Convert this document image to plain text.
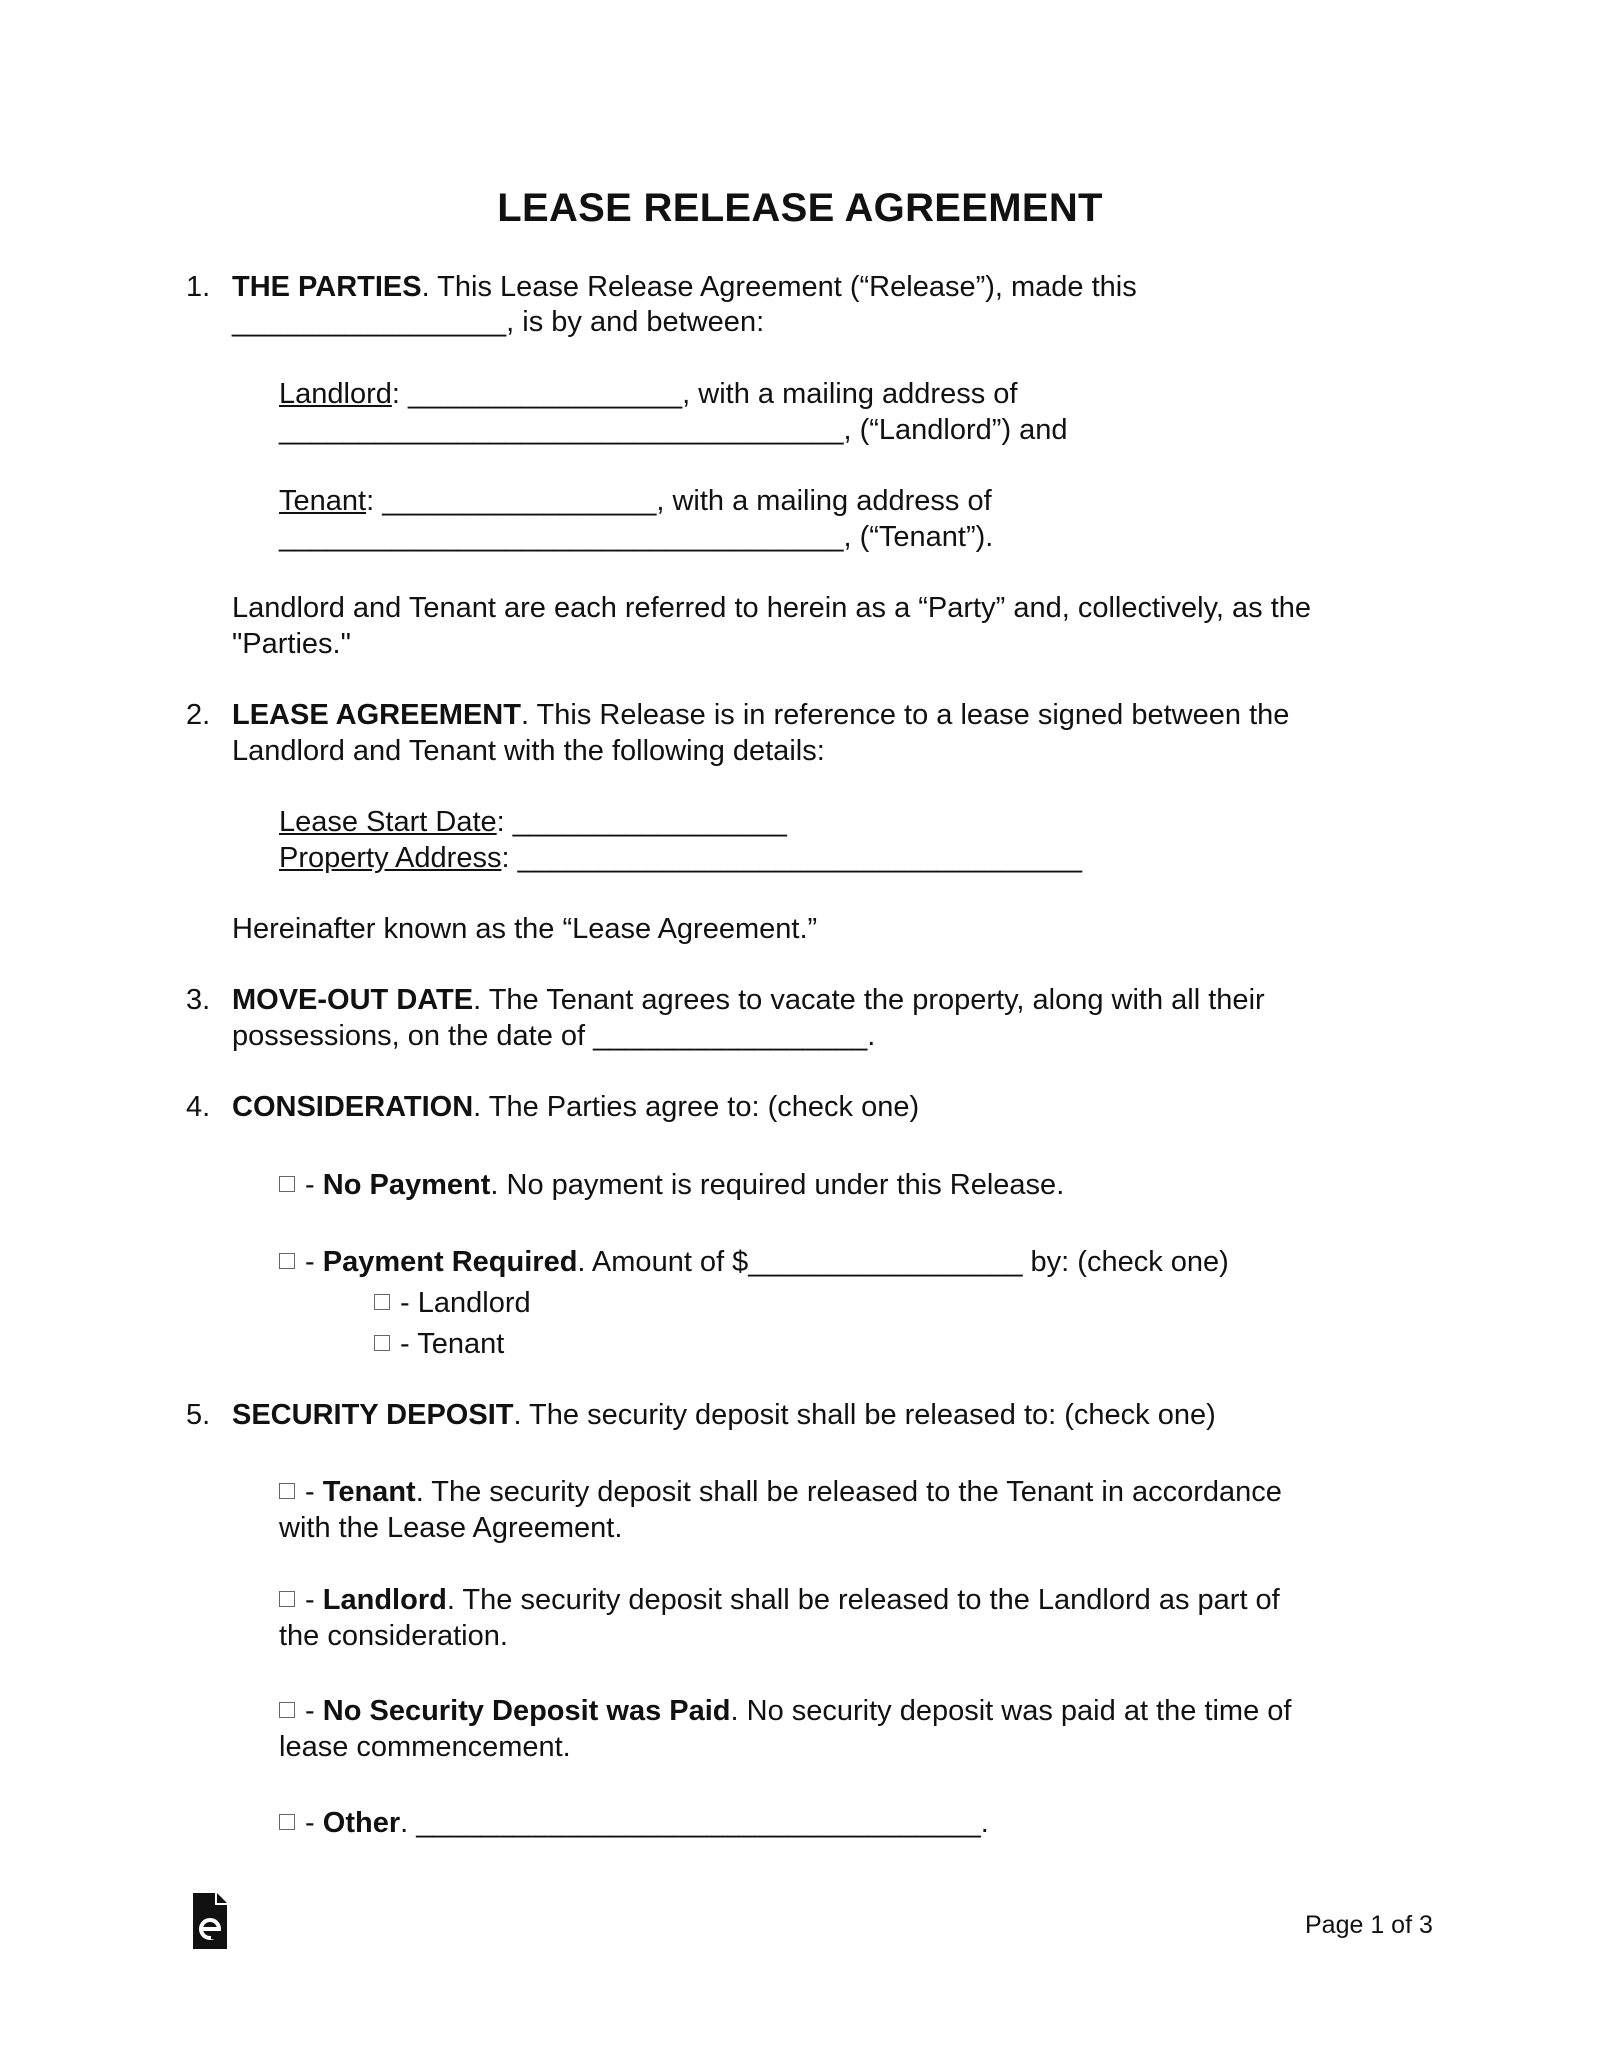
LEASE RELEASE AGREEMENT
1. THE PARTIES. This Lease Release Agreement (“Release”), made this
_________________, is by and between:
Landlord: _________________, with a mailing address of
___________________________________, (“Landlord”) and
Tenant: _________________, with a mailing address of
___________________________________, (“Tenant”).
Landlord and Tenant are each referred to herein as a “Party” and, collectively, as the
"Parties."
2. LEASE AGREEMENT. This Release is in reference to a lease signed between the
Landlord and Tenant with the following details:
Lease Start Date: _________________
Property Address: ___________________________________
Hereinafter known as the “Lease Agreement.”
3. MOVE-OUT DATE. The Tenant agrees to vacate the property, along with all their
possessions, on the date of _________________.
4. CONSIDERATION. The Parties agree to: (check one)
- No Payment. No payment is required under this Release.
- Payment Required. Amount of $_________________ by: (check one)
- Landlord
- Tenant
5. SECURITY DEPOSIT. The security deposit shall be released to: (check one)
- Tenant. The security deposit shall be released to the Tenant in accordance
with the Lease Agreement.
- Landlord. The security deposit shall be released to the Landlord as part of
the consideration.
- No Security Deposit was Paid. No security deposit was paid at the time of
lease commencement.
- Other. ___________________________________.
Page 1 of 3
